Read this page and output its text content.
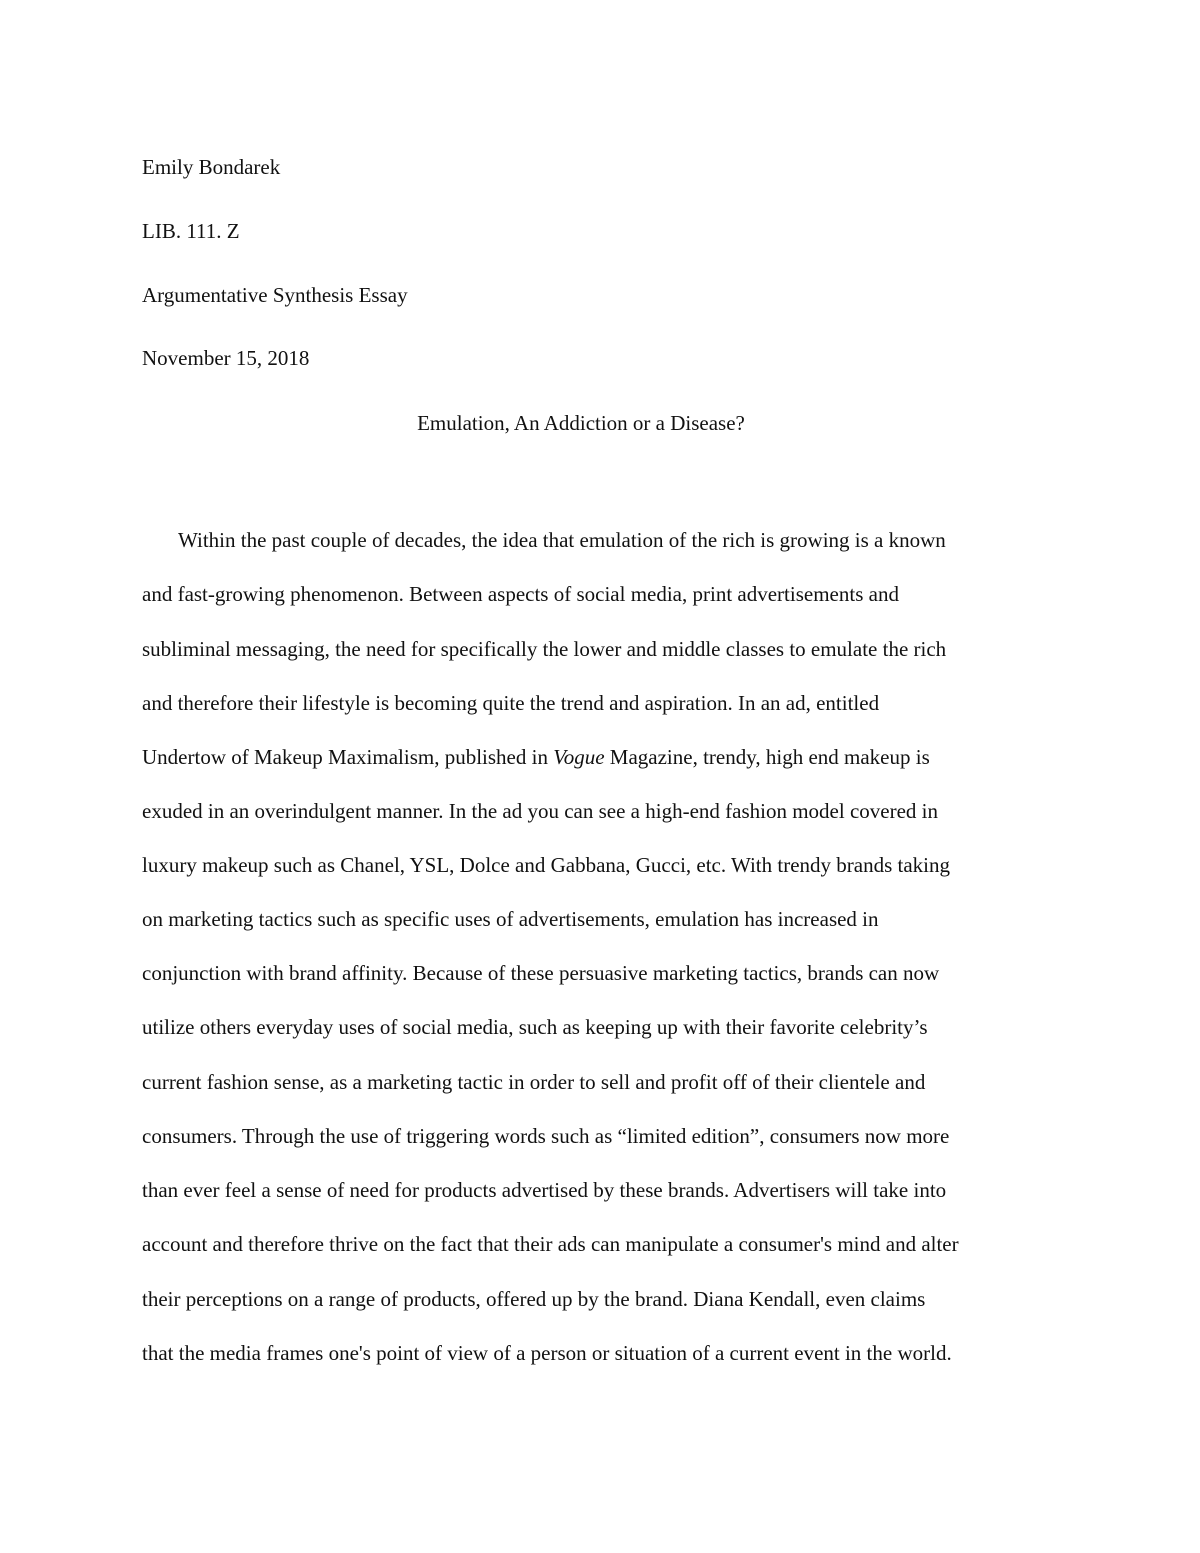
Emily Bondarek
LIB. 111. Z
Argumentative Synthesis Essay
November 15, 2018
Emulation, An Addiction or a Disease?
Within the past couple of decades, the idea that emulation of the rich is growing is a known
and fast-growing phenomenon. Between aspects of social media, print advertisements and
subliminal messaging, the need for specifically the lower and middle classes to emulate the rich
and therefore their lifestyle is becoming quite the trend and aspiration. In an ad, entitled
Undertow of Makeup Maximalism, published in Vogue Magazine, trendy, high end makeup is
exuded in an overindulgent manner. In the ad you can see a high-end fashion model covered in
luxury makeup such as Chanel, YSL, Dolce and Gabbana, Gucci, etc. With trendy brands taking
on marketing tactics such as specific uses of advertisements, emulation has increased in
conjunction with brand affinity. Because of these persuasive marketing tactics, brands can now
utilize others everyday uses of social media, such as keeping up with their favorite celebrity’s
current fashion sense, as a marketing tactic in order to sell and profit off of their clientele and
consumers. Through the use of triggering words such as “limited edition”, consumers now more
than ever feel a sense of need for products advertised by these brands. Advertisers will take into
account and therefore thrive on the fact that their ads can manipulate a consumer's mind and alter
their perceptions on a range of products, offered up by the brand. Diana Kendall, even claims
that the media frames one's point of view of a person or situation of a current event in the world.
